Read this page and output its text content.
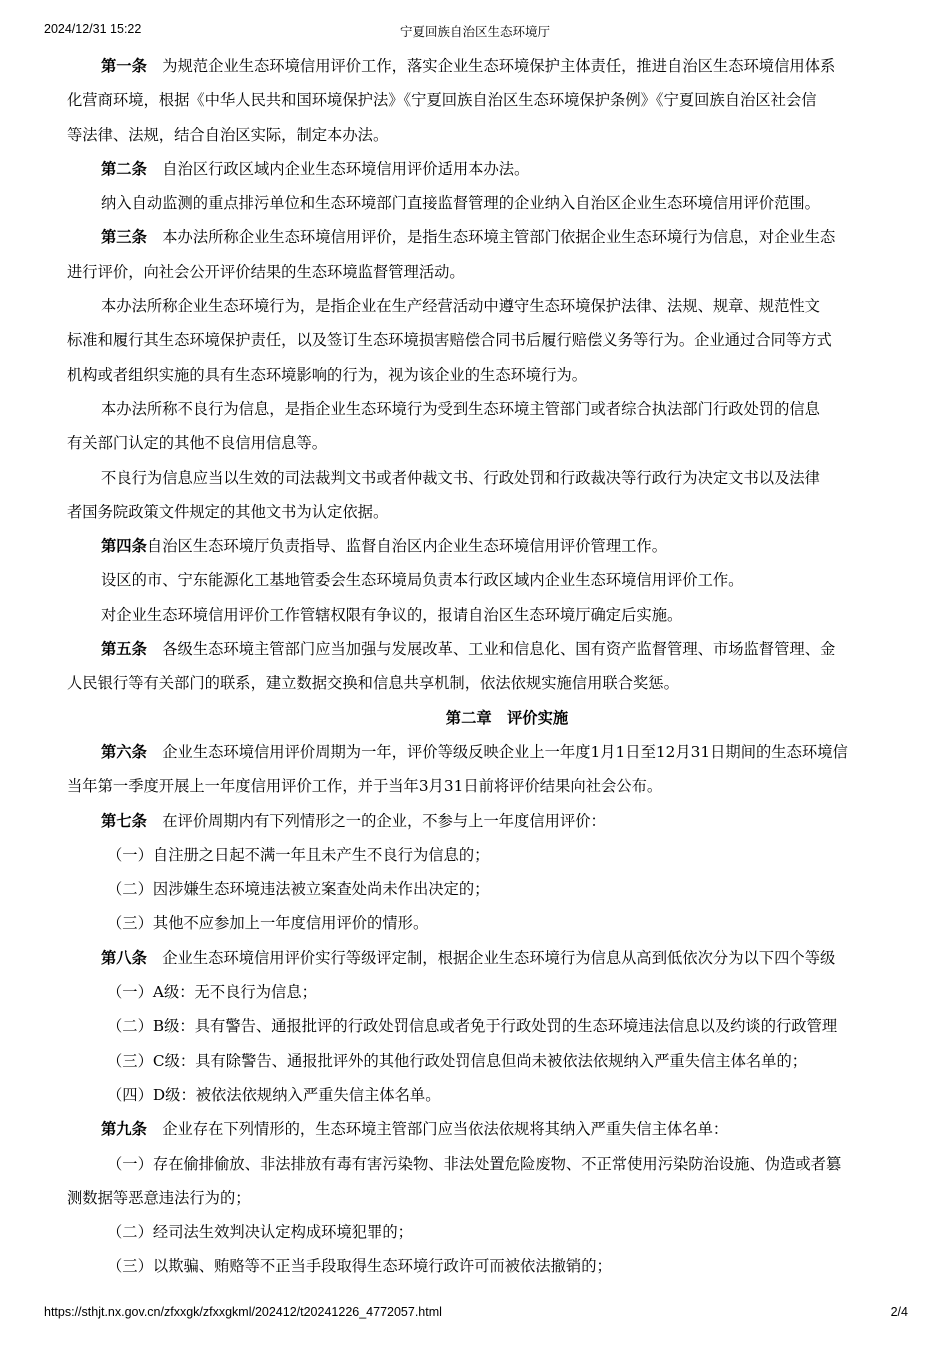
2024/12/31 15:22	宁夏回族自治区生态环境厅
第一条　 为规范企业生态环境信用评价工作，落实企业生态环境保护主体责任，推进自治区生态环境信用体系
化营商环境，根据《中华人民共和国环境保护法》《宁夏回族自治区生态环境保护条例》《宁夏回族自治区社会信
等法律、法规，结合自治区实际，制定本办法。
第二条　 自治区行政区域内企业生态环境信用评价适用本办法。
纳入自动监测的重点排污单位和生态环境部门直接监督管理的企业纳入自治区企业生态环境信用评价范围。
第三条　 本办法所称企业生态环境信用评价，是指生态环境主管部门依据企业生态环境行为信息，对企业生态
进行评价，向社会公开评价结果的生态环境监督管理活动。
本办法所称企业生态环境行为，是指企业在生产经营活动中遵守生态环境保护法律、法规、规章、规范性文
标准和履行其生态环境保护责任，以及签订生态环境损害赔偿合同书后履行赔偿义务等行为。企业通过合同等方式
机构或者组织实施的具有生态环境影响的行为，视为该企业的生态环境行为。
本办法所称不良行为信息，是指企业生态环境行为受到生态环境主管部门或者综合执法部门行政处罚的信息
有关部门认定的其他不良信用信息等。
不良行为信息应当以生效的司法裁判文书或者仲裁文书、行政处罚和行政裁决等行政行为决定文书以及法律
者国务院政策文件规定的其他文书为认定依据。
第四条自治区生态环境厅负责指导、监督自治区内企业生态环境信用评价管理工作。
设区的市、宁东能源化工基地管委会生态环境局负责本行政区域内企业生态环境信用评价工作。
对企业生态环境信用评价工作管辖权限有争议的，报请自治区生态环境厅确定后实施。
第五条　 各级生态环境主管部门应当加强与发展改革、工业和信息化、国有资产监督管理、市场监督管理、金
人民银行等有关部门的联系，建立数据交换和信息共享机制，依法依规实施信用联合奖惩。
第二章　评价实施
第六条　 企业生态环境信用评价周期为一年，评价等级反映企业上一年度1月1日至12月31日期间的生态环境信
当年第一季度开展上一年度信用评价工作，并于当年3月31日前将评价结果向社会公布。
第七条　 在评价周期内有下列情形之一的企业，不参与上一年度信用评价：
（一）自注册之日起不满一年且未产生不良行为信息的；
（二）因涉嫌生态环境违法被立案查处尚未作出决定的；
（三）其他不应参加上一年度信用评价的情形。
第八条　 企业生态环境信用评价实行等级评定制，根据企业生态环境行为信息从高到低依次分为以下四个等级
（一）A级：无不良行为信息；
（二）B级：具有警告、通报批评的行政处罚信息或者免于行政处罚的生态环境违法信息以及约谈的行政管理
（三）C级：具有除警告、通报批评外的其他行政处罚信息但尚未被依法依规纳入严重失信主体名单的；
（四）D级：被依法依规纳入严重失信主体名单。
第九条　 企业存在下列情形的，生态环境主管部门应当依法依规将其纳入严重失信主体名单：
（一）存在偷排偷放、非法排放有毒有害污染物、非法处置危险废物、不正常使用污染防治设施、伪造或者篡
测数据等恶意违法行为的；
（二）经司法生效判决认定构成环境犯罪的；
（三）以欺骗、贿赂等不正当手段取得生态环境行政许可而被依法撤销的；
https://sthjt.nx.gov.cn/zfxxgk/zfxxgkml/202412/t20241226_4772057.html	2/4
